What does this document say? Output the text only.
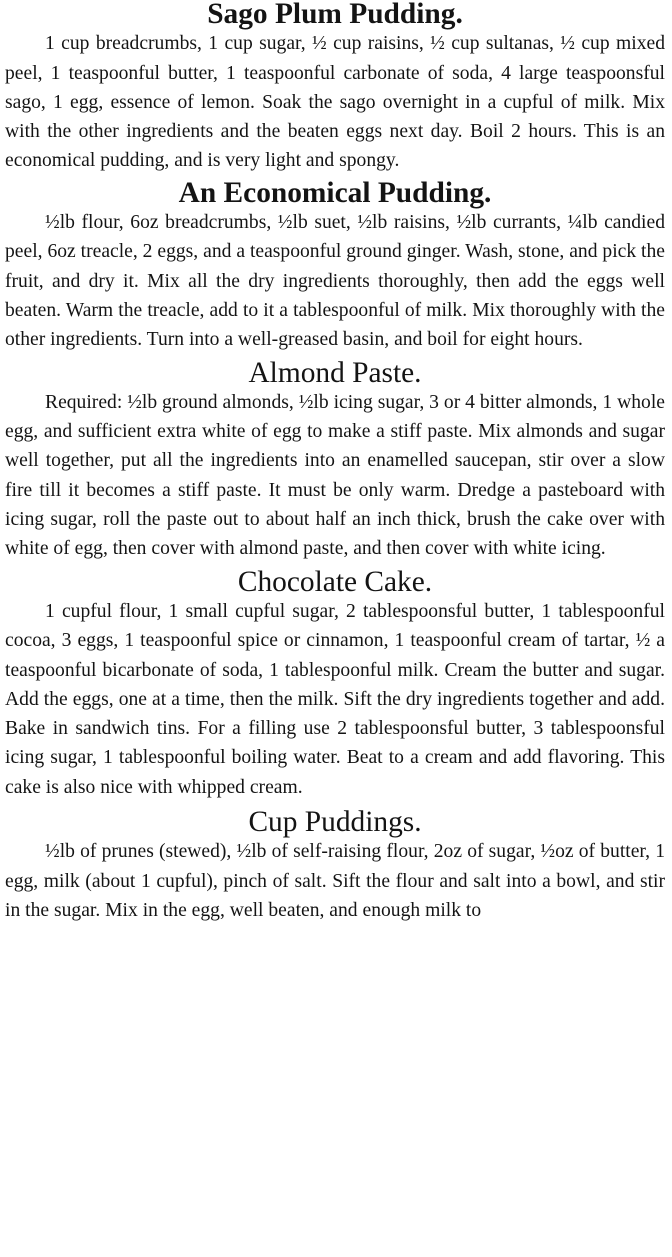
Sago Plum Pudding.

1 cup breadcrumbs, 1 cup sugar, ½ cup raisins, ½ cup sultanas, ½ cup mixed peel, 1 teaspoonful butter, 1 teaspoonful carbonate of soda, 4 large teaspoonsful sago, 1 egg, essence of lemon. Soak the sago overnight in a cupful of milk. Mix with the other ingredients and the beaten eggs next day. Boil 2 hours. This is an economical pudding, and is very light and spongy.

An Economical Pudding.

½lb flour, 6oz breadcrumbs, ½lb suet, ½lb raisins, ½lb currants, ¼lb candied peel, 6oz treacle, 2 eggs, and a teaspoonful ground ginger. Wash, stone, and pick the fruit, and dry it. Mix all the dry ingredients thoroughly, then add the eggs well beaten. Warm the treacle, add to it a tablespoonful of milk. Mix thoroughly with the other ingredients. Turn into a well-greased basin, and boil for eight hours.

Almond Paste.

Required: ½lb ground almonds, ½lb icing sugar, 3 or 4 bitter almonds, 1 whole egg, and sufficient extra white of egg to make a stiff paste. Mix almonds and sugar well together, put all the ingredients into an enamelled saucepan, stir over a slow fire till it becomes a stiff paste. It must be only warm. Dredge a pasteboard with icing sugar, roll the paste out to about half an inch thick, brush the cake over with white of egg, then cover with almond paste, and then cover with white icing.

Chocolate Cake.

1 cupful flour, 1 small cupful sugar, 2 tablespoonsful butter, 1 tablespoonful cocoa, 3 eggs, 1 teaspoonful spice or cinnamon, 1 teaspoonful cream of tartar, ½ a teaspoonful bicarbonate of soda, 1 tablespoonful milk. Cream the butter and sugar. Add the eggs, one at a time, then the milk. Sift the dry ingredients together and add. Bake in sandwich tins. For a filling use 2 tablespoonsful butter, 3 tablespoonsful icing sugar, 1 tablespoonful boiling water. Beat to a cream and add flavoring. This cake is also nice with whipped cream.

Cup Puddings.

½lb of prunes (stewed), ½lb of self-raising flour, 2oz of sugar, ½oz of butter, 1 egg, milk (about 1 cupful), pinch of salt. Sift the flour and salt into a bowl, and stir in the sugar. Mix in the egg, well beaten, and enough milk to
